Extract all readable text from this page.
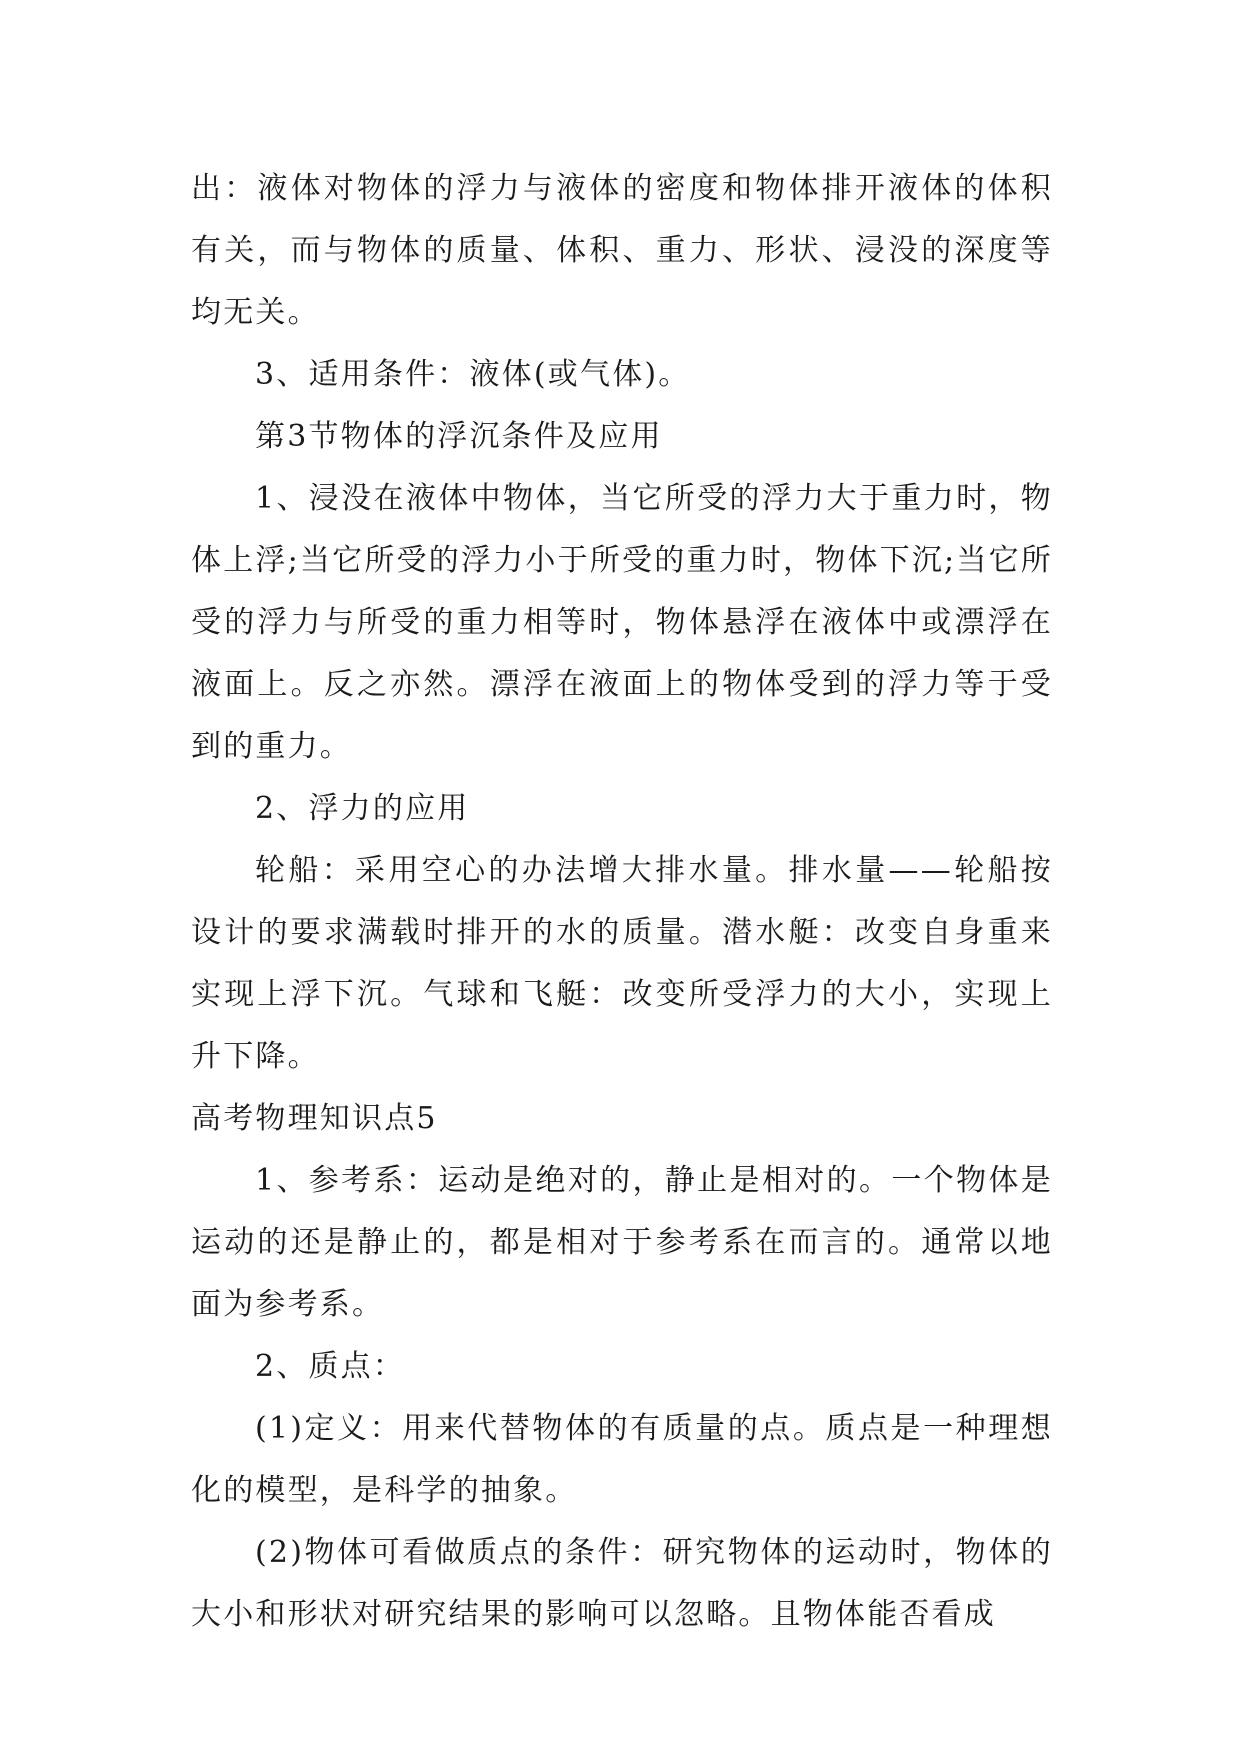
出：液体对物体的浮力与液体的密度和物体排开液体的体积有关，而与物体的质量、体积、重力、形状、浸没的深度等均无关。

3、适用条件：液体(或气体)。

第3节物体的浮沉条件及应用

1、浸没在液体中物体，当它所受的浮力大于重力时，物体上浮;当它所受的浮力小于所受的重力时，物体下沉;当它所受的浮力与所受的重力相等时，物体悬浮在液体中或漂浮在液面上。反之亦然。漂浮在液面上的物体受到的浮力等于受到的重力。

2、浮力的应用

轮船：采用空心的办法增大排水量。排水量——轮船按设计的要求满载时排开的水的质量。潜水艇：改变自身重来实现上浮下沉。气球和飞艇：改变所受浮力的大小，实现上升下降。

高考物理知识点5

1、参考系：运动是绝对的，静止是相对的。一个物体是运动的还是静止的，都是相对于参考系在而言的。通常以地面为参考系。

2、质点：

(1)定义：用来代替物体的有质量的点。质点是一种理想化的模型，是科学的抽象。

(2)物体可看做质点的条件：研究物体的运动时，物体的大小和形状对研究结果的影响可以忽略。且物体能否看成
